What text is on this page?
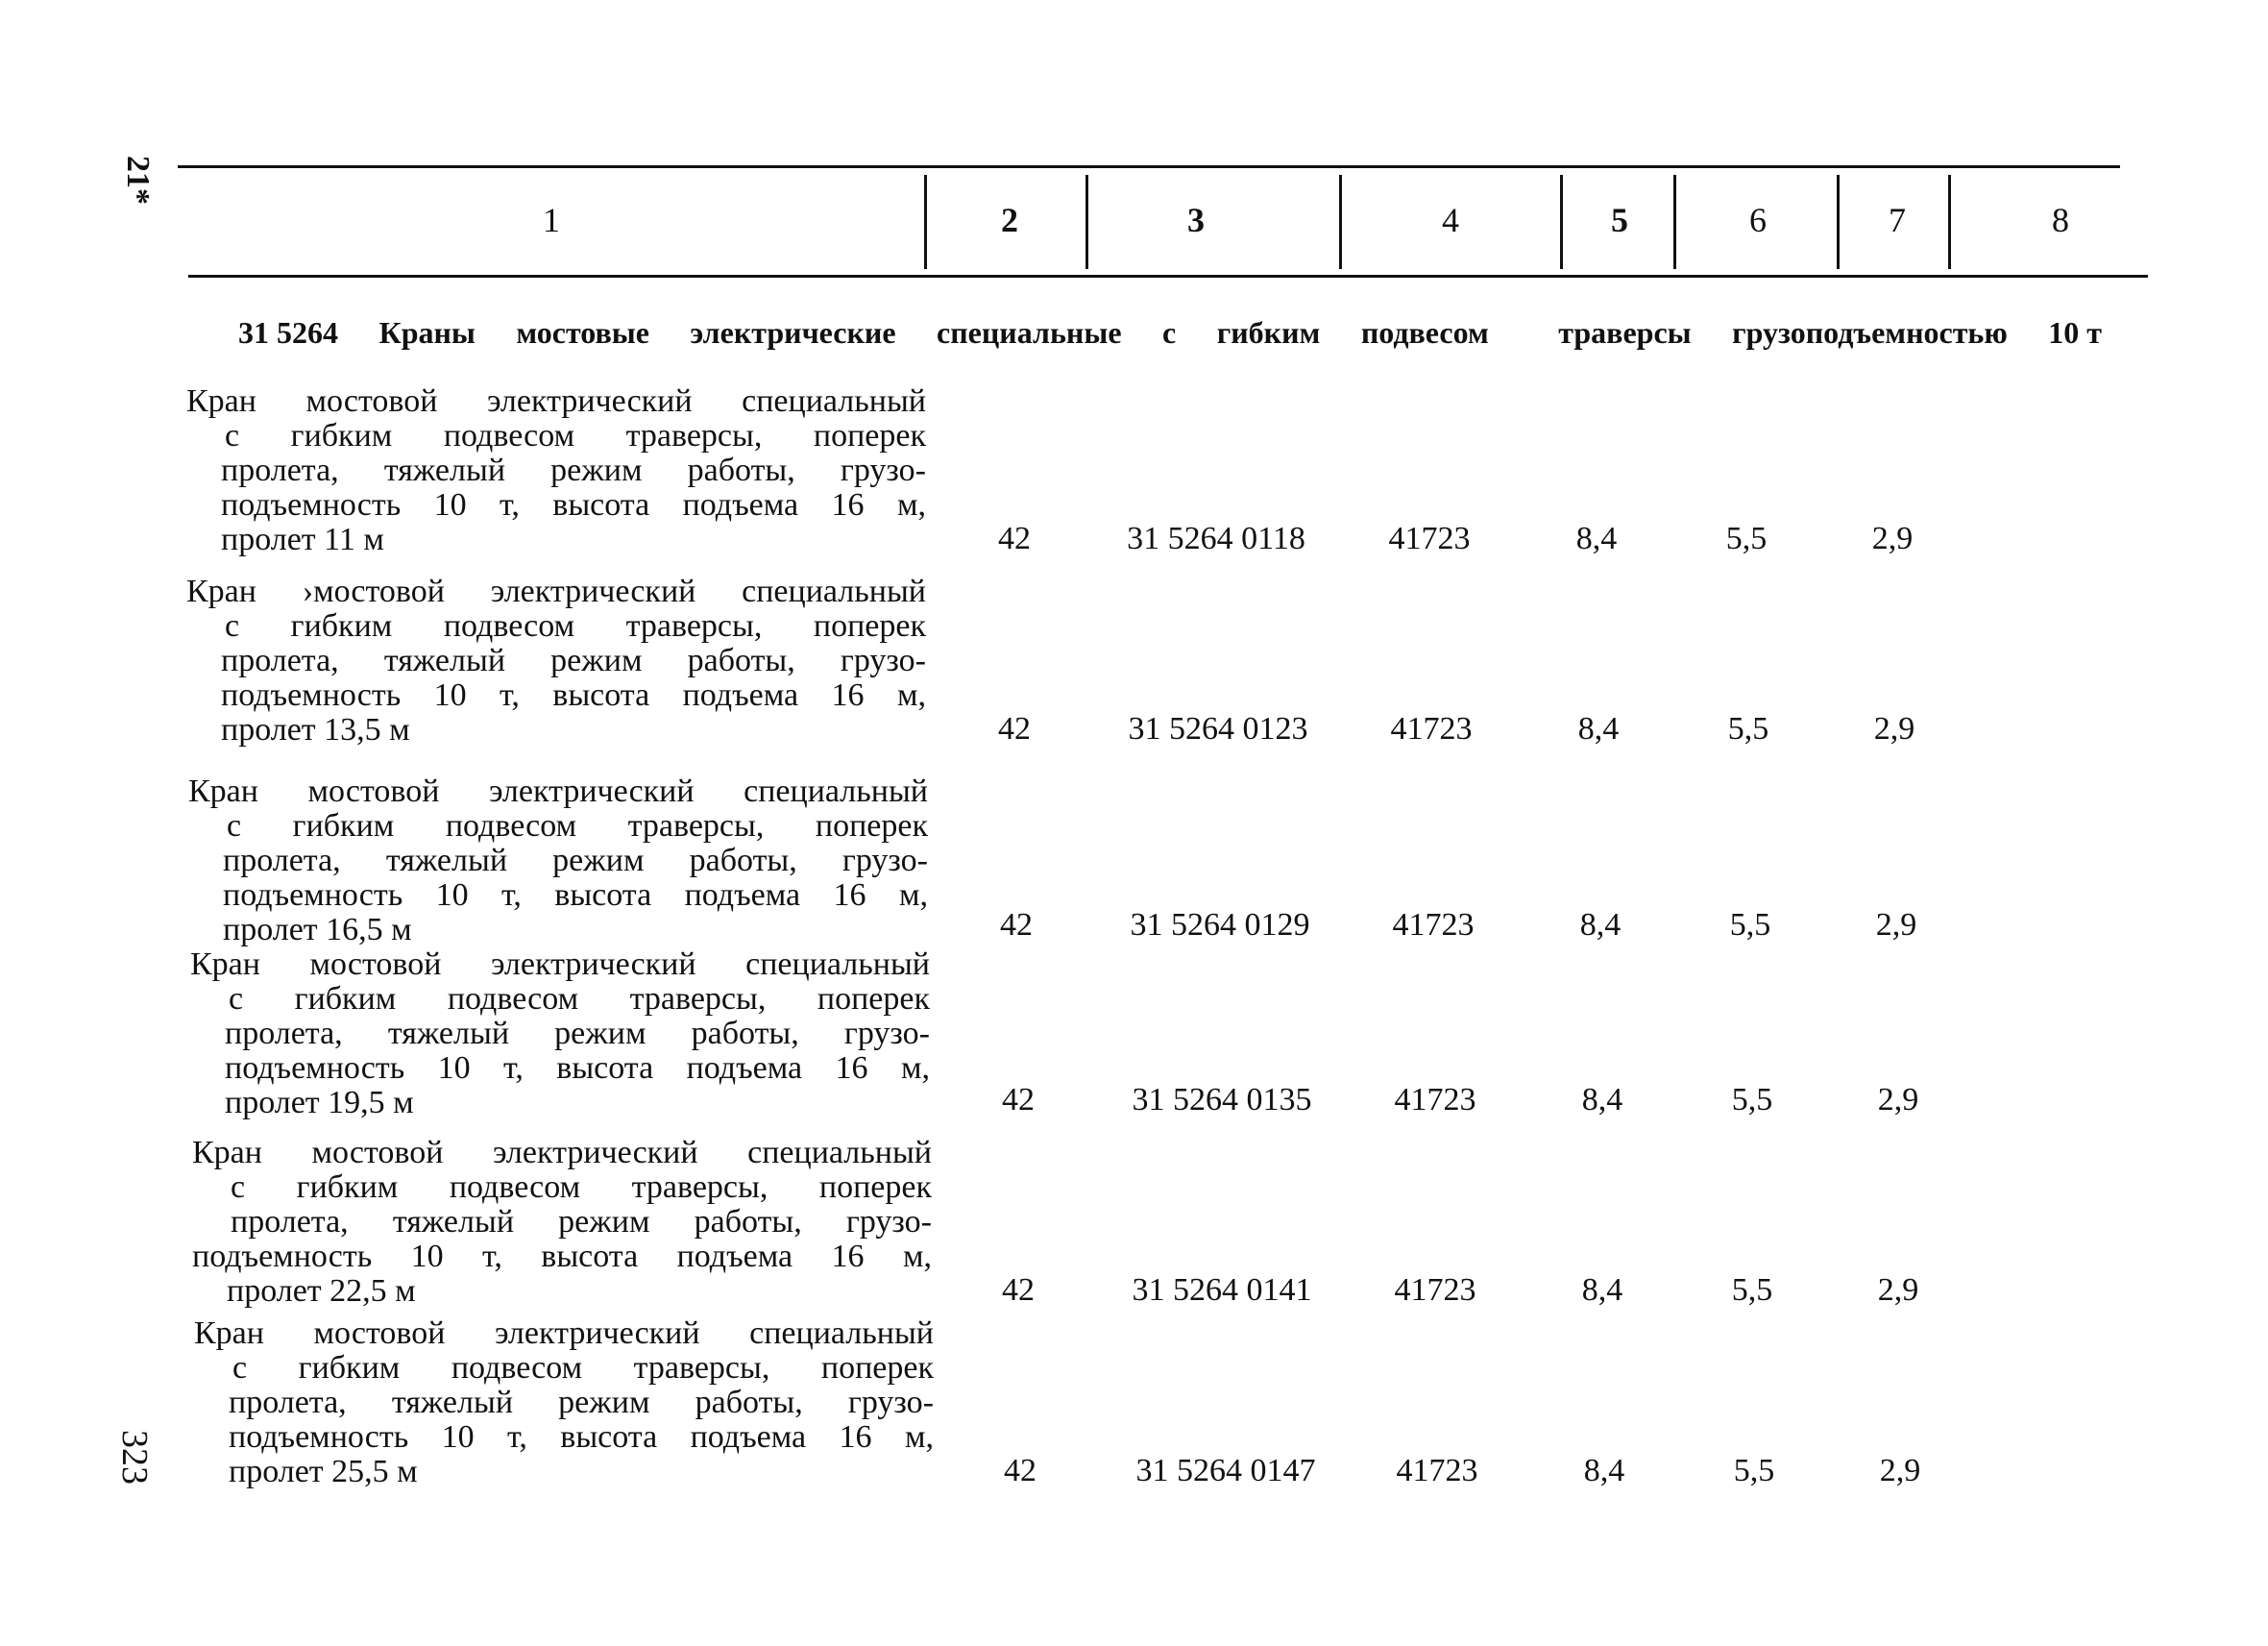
21*
323
1	2	3	4	5	6	7	8
31 5264 Краны мостовые электрические специальные с гибким подвесом траверсы грузоподъемностью 10 т
Кран мостовой электрический специальный
с гибким подвесом траверсы, поперек
пролета, тяжелый режим работы, грузо-
подъемность 10 т, высота подъема 16 м,
пролет 11 м	42	31 5264 0118	41723	8,4	5,5	2,9
Кран ›мостовой электрический специальный
с гибким подвесом траверсы, поперек
пролета, тяжелый режим работы, грузо-
подъемность 10 т, высота подъема 16 м,
пролет 13,5 м	42	31 5264 0123	41723	8,4	5,5	2,9
Кран мостовой электрический специальный
с гибким подвесом траверсы, поперек
пролета, тяжелый режим работы, грузо-
подъемность 10 т, высота подъема 16 м,
пролет 16,5 м	42	31 5264 0129	41723	8,4	5,5	2,9
Кран мостовой электрический специальный
с гибким подвесом траверсы, поперек
пролета, тяжелый режим работы, грузо-
подъемность 10 т, высота подъема 16 м,
пролет 19,5 м	42	31 5264 0135	41723	8,4	5,5	2,9
Кран мостовой электрический специальный
с гибким подвесом траверсы, поперек
пролета, тяжелый режим работы, грузо-
подъемность 10 т, высота подъема 16 м,
пролет 22,5 м	42	31 5264 0141	41723	8,4	5,5	2,9
Кран мостовой электрический специальный
с гибким подвесом траверсы, поперек
пролета, тяжелый режим работы, грузо-
подъемность 10 т, высота подъема 16 м,
пролет 25,5 м	42	31 5264 0147	41723	8,4	5,5	2,9
